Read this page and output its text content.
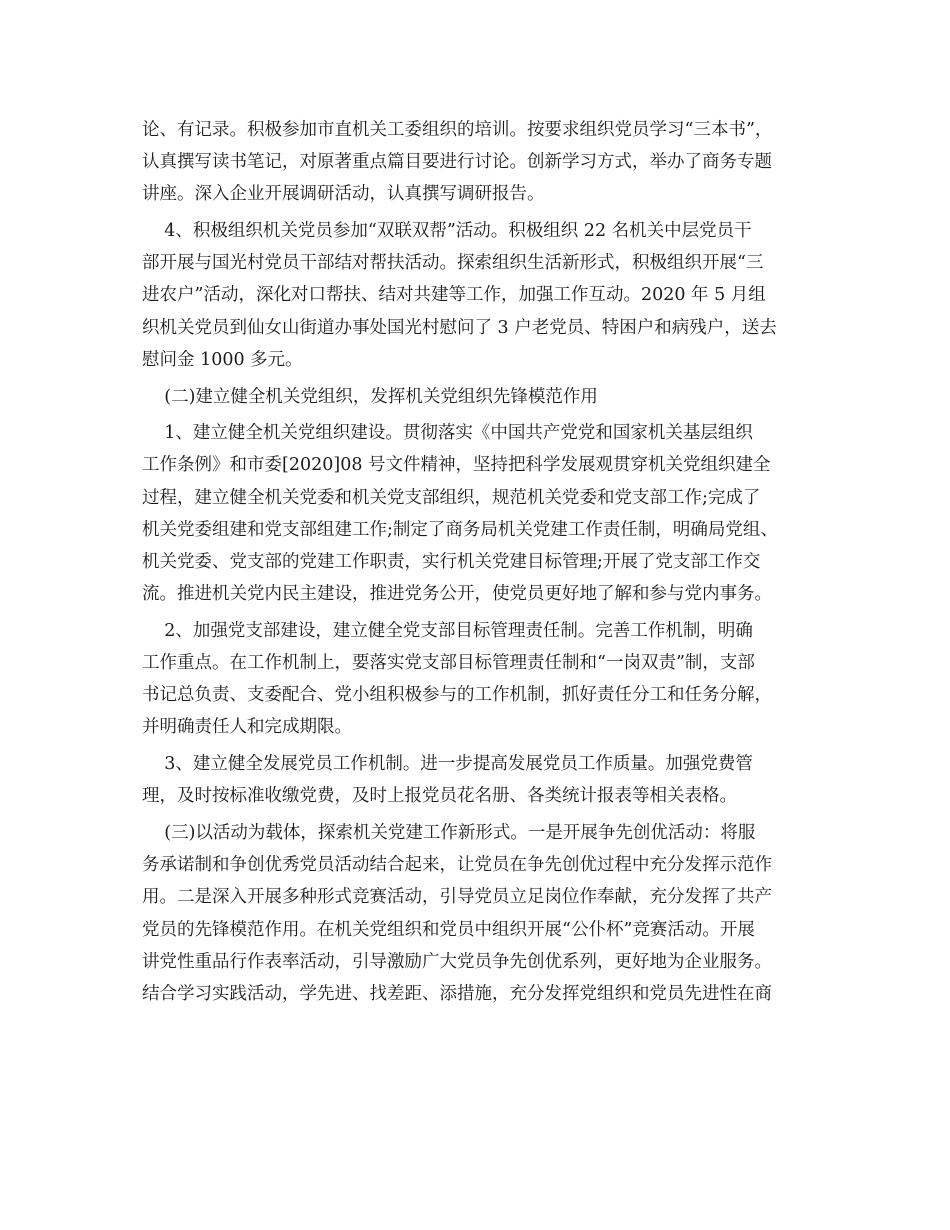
论、有记录。积极参加市直机关工委组织的培训。按要求组织党员学习“三本书”，
认真撰写读书笔记，对原著重点篇目要进行讨论。创新学习方式，举办了商务专题
讲座。深入企业开展调研活动，认真撰写调研报告。

4、积极组织机关党员参加“双联双帮”活动。积极组织 22 名机关中层党员干
部开展与国光村党员干部结对帮扶活动。探索组织生活新形式，积极组织开展“三
进农户”活动，深化对口帮扶、结对共建等工作，加强工作互动。2020 年 5 月组
织机关党员到仙女山街道办事处国光村慰问了 3 户老党员、特困户和病残户，送去
慰问金 1000 多元。

(二)建立健全机关党组织，发挥机关党组织先锋模范作用

1、建立健全机关党组织建设。贯彻落实《中国共产党党和国家机关基层组织
工作条例》和市委[2020]08 号文件精神，坚持把科学发展观贯穿机关党组织建全
过程，建立健全机关党委和机关党支部组织，规范机关党委和党支部工作;完成了
机关党委组建和党支部组建工作;制定了商务局机关党建工作责任制，明确局党组、
机关党委、党支部的党建工作职责，实行机关党建目标管理;开展了党支部工作交
流。推进机关党内民主建设，推进党务公开，使党员更好地了解和参与党内事务。

2、加强党支部建设，建立健全党支部目标管理责任制。完善工作机制，明确
工作重点。在工作机制上，要落实党支部目标管理责任制和“一岗双责”制，支部
书记总负责、支委配合、党小组积极参与的工作机制，抓好责任分工和任务分解，
并明确责任人和完成期限。

3、建立健全发展党员工作机制。进一步提高发展党员工作质量。加强党费管
理，及时按标准收缴党费，及时上报党员花名册、各类统计报表等相关表格。

(三)以活动为载体，探索机关党建工作新形式。一是开展争先创优活动：将服
务承诺制和争创优秀党员活动结合起来，让党员在争先创优过程中充分发挥示范作
用。二是深入开展多种形式竞赛活动，引导党员立足岗位作奉献，充分发挥了共产
党员的先锋模范作用。在机关党组织和党员中组织开展“公仆杯”竞赛活动。开展
讲党性重品行作表率活动，引导激励广大党员争先创优系列，更好地为企业服务。
结合学习实践活动，学先进、找差距、添措施，充分发挥党组织和党员先进性在商
